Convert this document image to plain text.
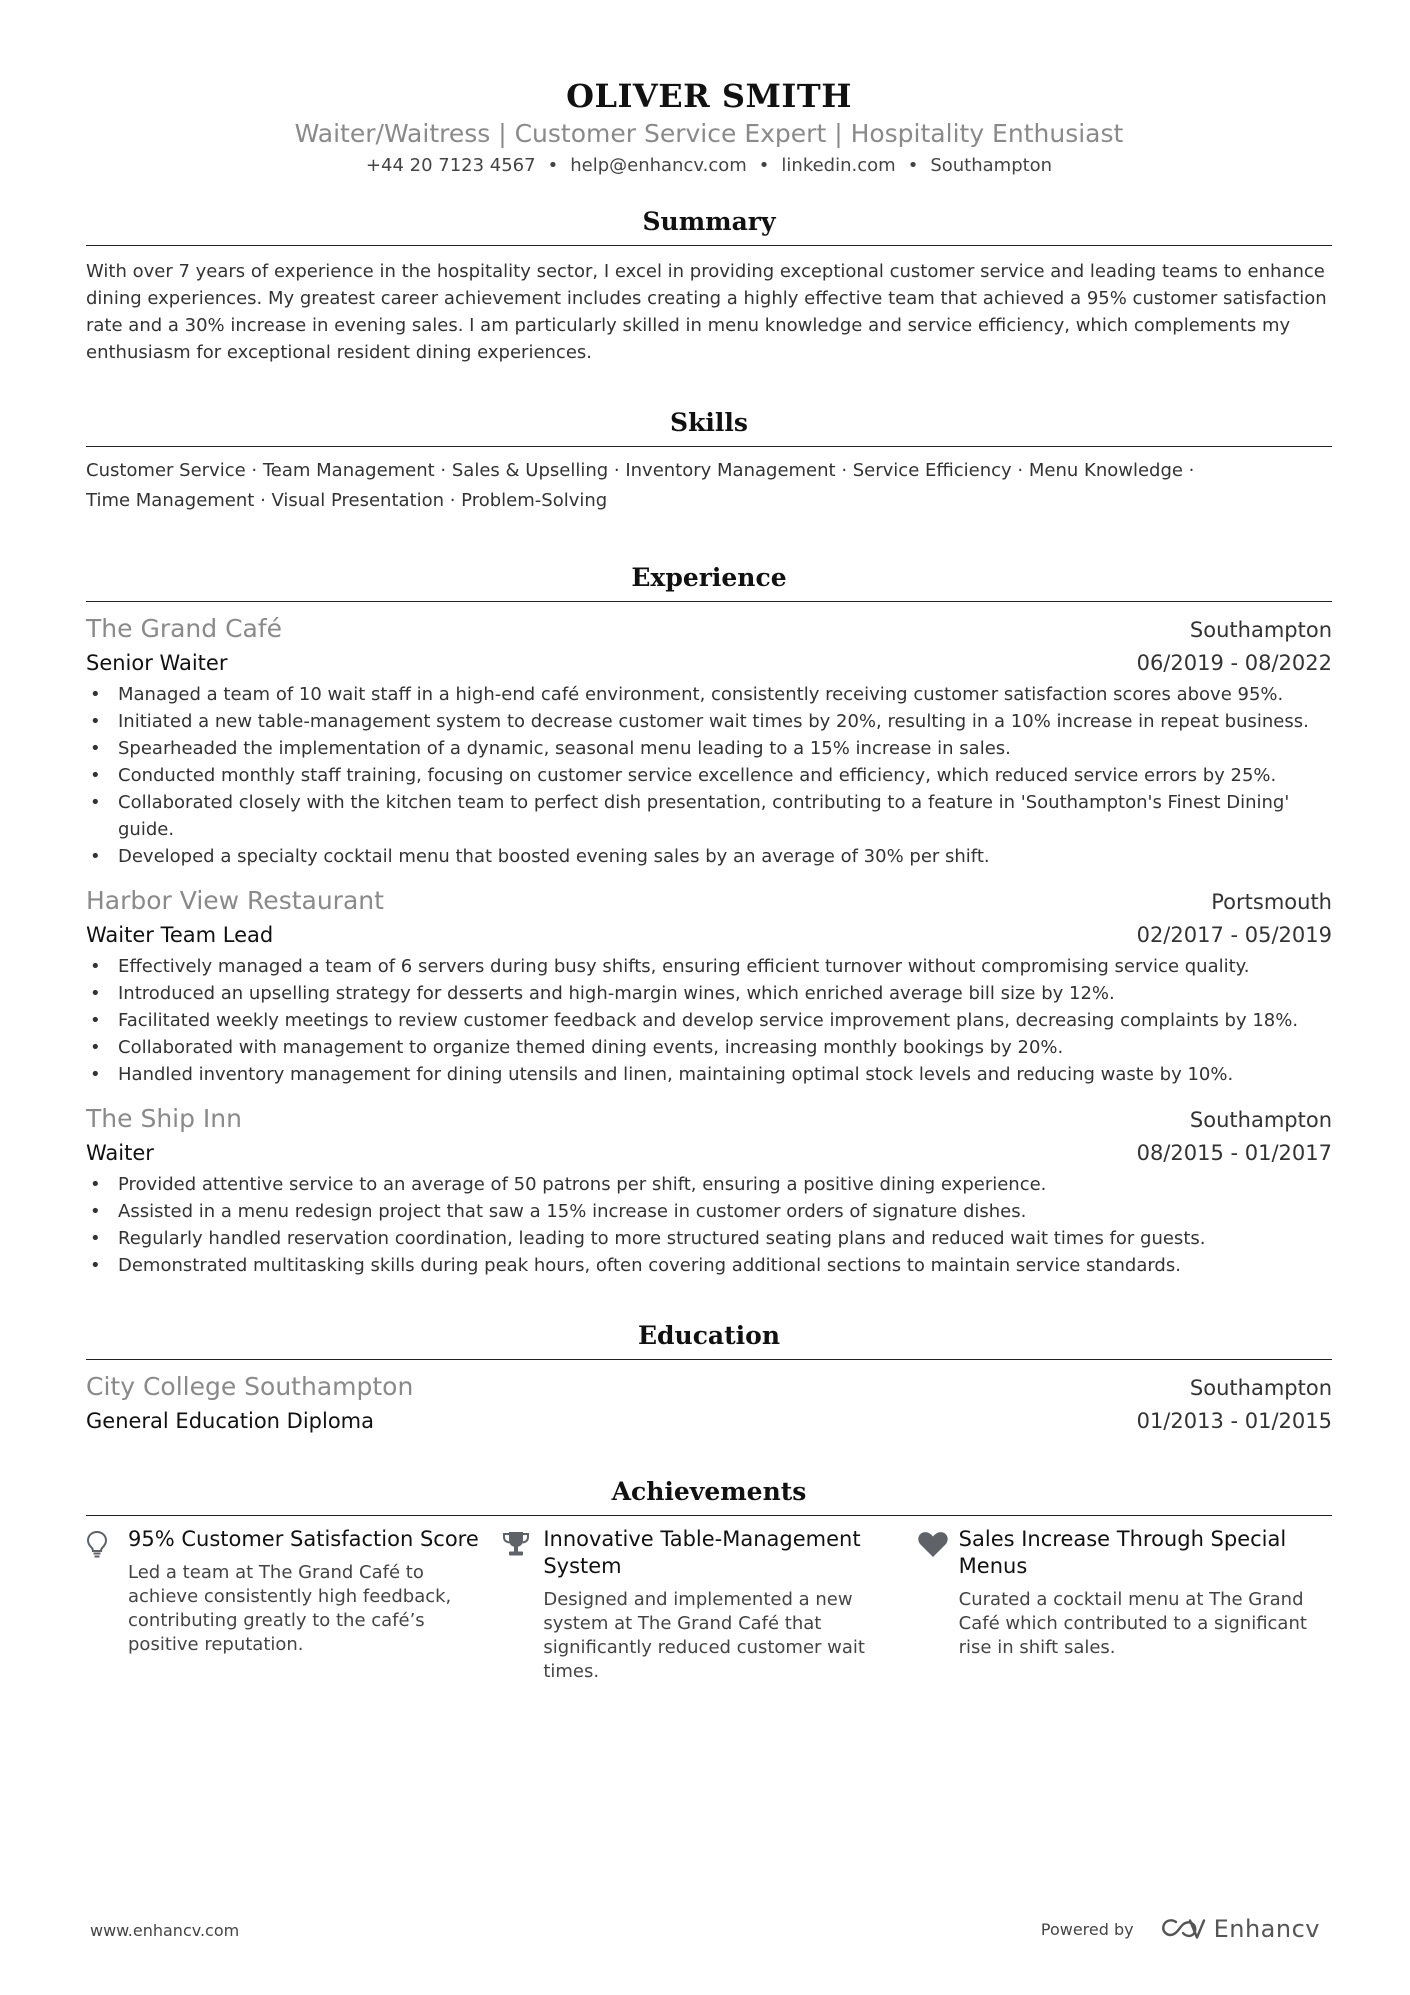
OLIVER SMITH
Waiter/Waitress | Customer Service Expert | Hospitality Enthusiast
+44 20 7123 4567 • help@enhancv.com • linkedin.com • Southampton
Summary
With over 7 years of experience in the hospitality sector, I excel in providing exceptional customer service and leading teams to enhance dining experiences. My greatest career achievement includes creating a highly effective team that achieved a 95% customer satisfaction rate and a 30% increase in evening sales. I am particularly skilled in menu knowledge and service efficiency, which complements my enthusiasm for exceptional resident dining experiences.
Skills
Customer Service · Team Management · Sales & Upselling · Inventory Management · Service Efficiency · Menu Knowledge ·
Time Management · Visual Presentation · Problem-Solving
Experience
The Grand Café	Southampton
Senior Waiter	06/2019 - 08/2022
• Managed a team of 10 wait staff in a high-end café environment, consistently receiving customer satisfaction scores above 95%.
• Initiated a new table-management system to decrease customer wait times by 20%, resulting in a 10% increase in repeat business.
• Spearheaded the implementation of a dynamic, seasonal menu leading to a 15% increase in sales.
• Conducted monthly staff training, focusing on customer service excellence and efficiency, which reduced service errors by 25%.
• Collaborated closely with the kitchen team to perfect dish presentation, contributing to a feature in 'Southampton's Finest Dining' guide.
• Developed a specialty cocktail menu that boosted evening sales by an average of 30% per shift.
Harbor View Restaurant	Portsmouth
Waiter Team Lead	02/2017 - 05/2019
• Effectively managed a team of 6 servers during busy shifts, ensuring efficient turnover without compromising service quality.
• Introduced an upselling strategy for desserts and high-margin wines, which enriched average bill size by 12%.
• Facilitated weekly meetings to review customer feedback and develop service improvement plans, decreasing complaints by 18%.
• Collaborated with management to organize themed dining events, increasing monthly bookings by 20%.
• Handled inventory management for dining utensils and linen, maintaining optimal stock levels and reducing waste by 10%.
The Ship Inn	Southampton
Waiter	08/2015 - 01/2017
• Provided attentive service to an average of 50 patrons per shift, ensuring a positive dining experience.
• Assisted in a menu redesign project that saw a 15% increase in customer orders of signature dishes.
• Regularly handled reservation coordination, leading to more structured seating plans and reduced wait times for guests.
• Demonstrated multitasking skills during peak hours, often covering additional sections to maintain service standards.
Education
City College Southampton	Southampton
General Education Diploma	01/2013 - 01/2015
Achievements
95% Customer Satisfaction Score
Led a team at The Grand Café to achieve consistently high feedback, contributing greatly to the café’s positive reputation.
Innovative Table-Management System
Designed and implemented a new system at The Grand Café that significantly reduced customer wait times.
Sales Increase Through Special Menus
Curated a cocktail menu at The Grand Café which contributed to a significant rise in shift sales.
www.enhancv.com	Powered by	Enhancv
